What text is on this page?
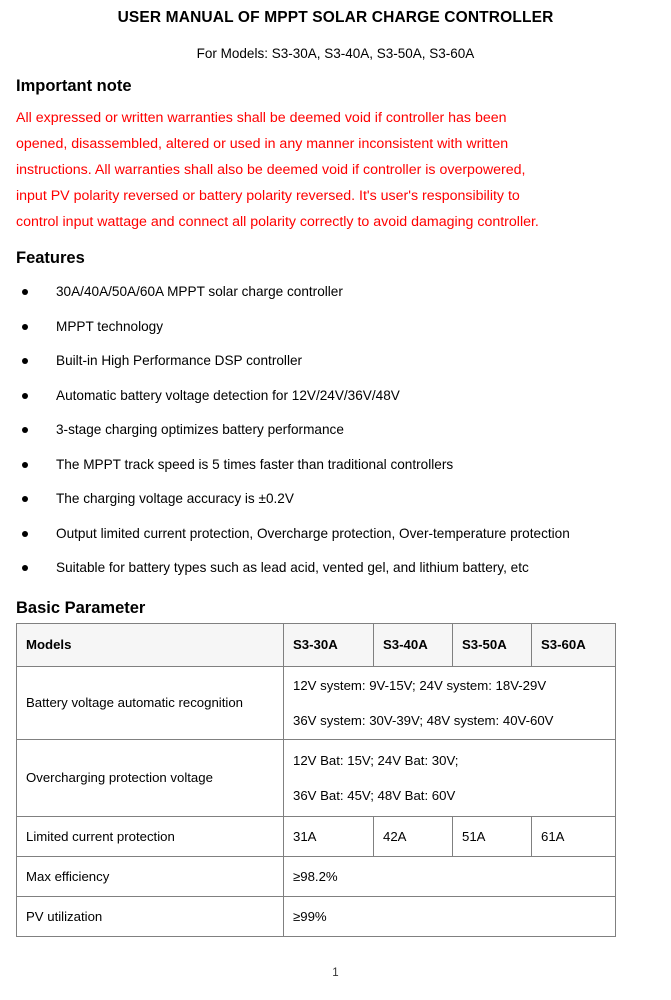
USER MANUAL OF MPPT SOLAR CHARGE CONTROLLER

For Models: S3-30A, S3-40A, S3-50A, S3-60A

Important note
All expressed or written warranties shall be deemed void if controller has been
opened, disassembled, altered or used in any manner inconsistent with written
instructions. All warranties shall also be deemed void if controller is overpowered,
input PV polarity reversed or battery polarity reversed. It's user's responsibility to
control input wattage and connect all polarity correctly to avoid damaging controller.
Features
30A/40A/50A/60A MPPT solar charge controller
MPPT technology
Built-in High Performance DSP controller
Automatic battery voltage detection for 12V/24V/36V/48V
3-stage charging optimizes battery performance
The MPPT track speed is 5 times faster than traditional controllers
The charging voltage accuracy is ±0.2V
Output limited current protection, Overcharge protection, Over-temperature protection
Suitable for battery types such as lead acid, vented gel, and lithium battery, etc
Basic Parameter
Models	S3-30A	S3-40A	S3-50A	S3-60A
Battery voltage automatic recognition	12V system: 9V-15V; 24V system: 18V-29V
36V system: 30V-39V; 48V system: 40V-60V			

Overcharging protection voltage	12V Bat: 15V; 24V Bat: 30V;
36V Bat: 45V; 48V Bat: 60V			

Limited current protection	31A	42A	51A	61A
Max efficiency	≥98.2%			
PV utilization	≥99%			
1
